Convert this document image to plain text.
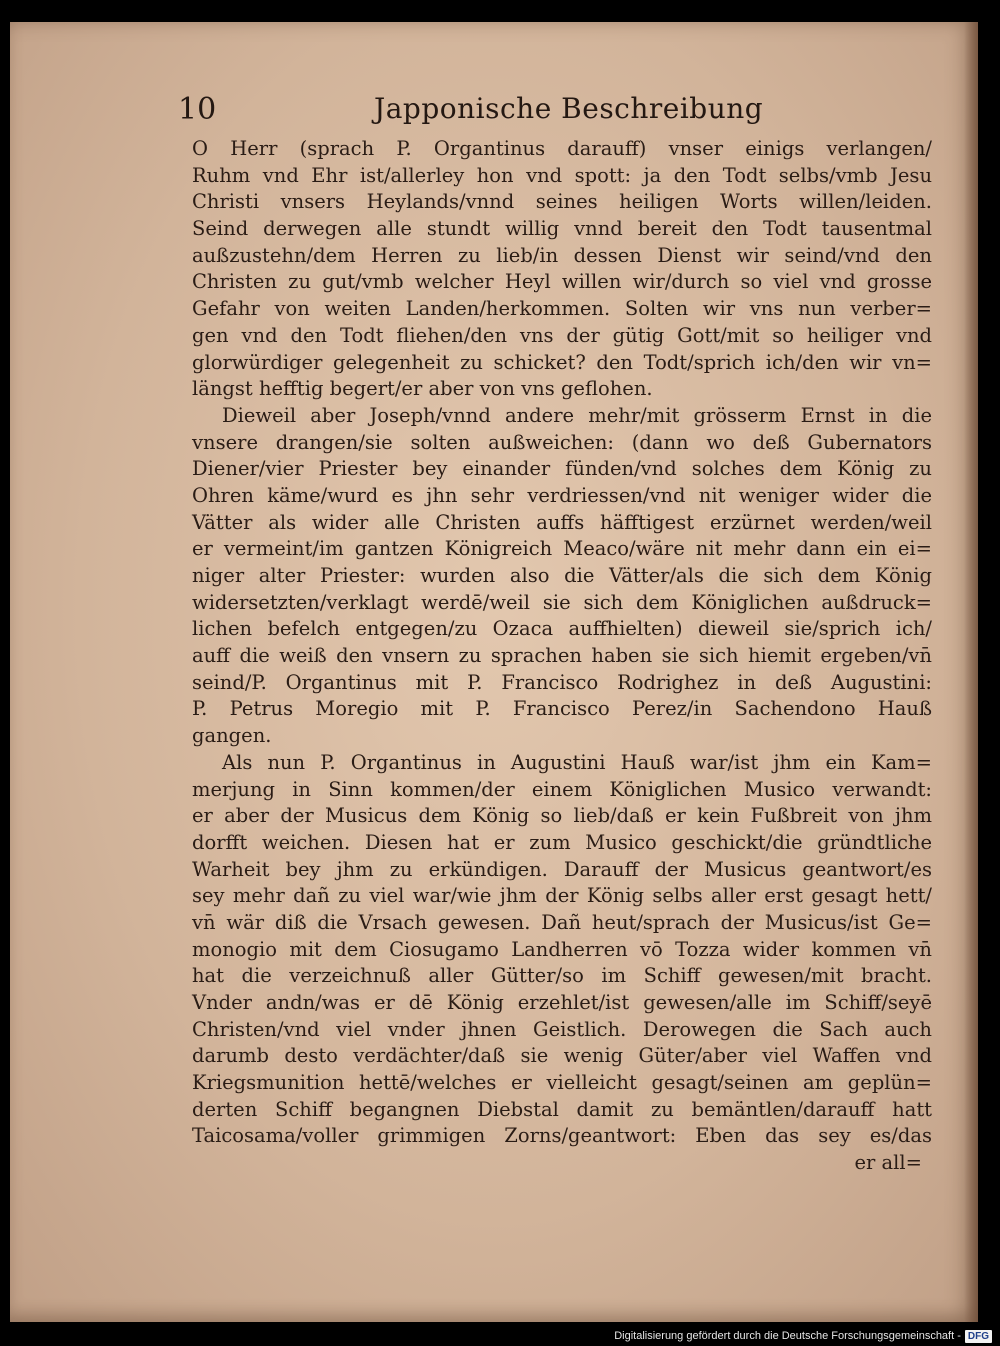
10	Japponische Beschreibung
O Herr (sprach P. Organtinus darauff) vnser einigs verlangen/
Ruhm vnd Ehr ist/allerley hon vnd spott: ja den Todt selbs/vmb Jesu
Christi vnsers Heylands/vnnd seines heiligen Worts willen/leiden.
Seind derwegen alle stundt willig vnnd bereit den Todt tausentmal
außzustehn/dem Herren zu lieb/in dessen Dienst wir seind/vnd den
Christen zu gut/vmb welcher Heyl willen wir/durch so viel vnd grosse
Gefahr von weiten Landen/herkommen. Solten wir vns nun verber=
gen vnd den Todt fliehen/den vns der gütig Gott/mit so heiliger vnd
glorwürdiger gelegenheit zu schicket? den Todt/sprich ich/den wir vn=
längst hefftig begert/er aber von vns geflohen.
Dieweil aber Joseph/vnnd andere mehr/mit grösserm Ernst in die
vnsere drangen/sie solten außweichen: (dann wo deß Gubernators
Diener/vier Priester bey einander fünden/vnd solches dem König zu
Ohren käme/wurd es jhn sehr verdriessen/vnd nit weniger wider die
Vätter als wider alle Christen auffs häfftigest erzürnet werden/weil
er vermeint/im gantzen Königreich Meaco/wäre nit mehr dann ein ei=
niger alter Priester: wurden also die Vätter/als die sich dem König
widersetzten/verklagt werdē/weil sie sich dem Königlichen außdruck=
lichen befelch entgegen/zu Ozaca auffhielten) dieweil sie/sprich ich/
auff die weiß den vnsern zu sprachen haben sie sich hiemit ergeben/vn̄
seind/P. Organtinus mit P. Francisco Rodrighez in deß Augustini:
P. Petrus Moregio mit P. Francisco Perez/in Sachendono Hauß
gangen.
Als nun P. Organtinus in Augustini Hauß war/ist jhm ein Kam=
merjung in Sinn kommen/der einem Königlichen Musico verwandt:
er aber der Musicus dem König so lieb/daß er kein Fußbreit von jhm
dorfft weichen. Diesen hat er zum Musico geschickt/die gründtliche
Warheit bey jhm zu erkündigen. Darauff der Musicus geantwort/es
sey mehr dañ zu viel war/wie jhm der König selbs aller erst gesagt hett/
vn̄ wär diß die Vrsach gewesen. Dañ heut/sprach der Musicus/ist Ge=
monogio mit dem Ciosugamo Landherren vō Tozza wider kommen vn̄
hat die verzeichnuß aller Gütter/so im Schiff gewesen/mit bracht.
Vnder andn/was er dē König erzehlet/ist gewesen/alle im Schiff/seyē
Christen/vnd viel vnder jhnen Geistlich. Derowegen die Sach auch
darumb desto verdächter/daß sie wenig Güter/aber viel Waffen vnd
Kriegsmunition hettē/welches er vielleicht gesagt/seinen am geplün=
derten Schiff begangnen Diebstal damit zu bemäntlen/darauff hatt
Taicosama/voller grimmigen Zorns/geantwort: Eben das sey es/das
er all=
Digitalisierung gefördert durch die Deutsche Forschungsgemeinschaft - DFG
